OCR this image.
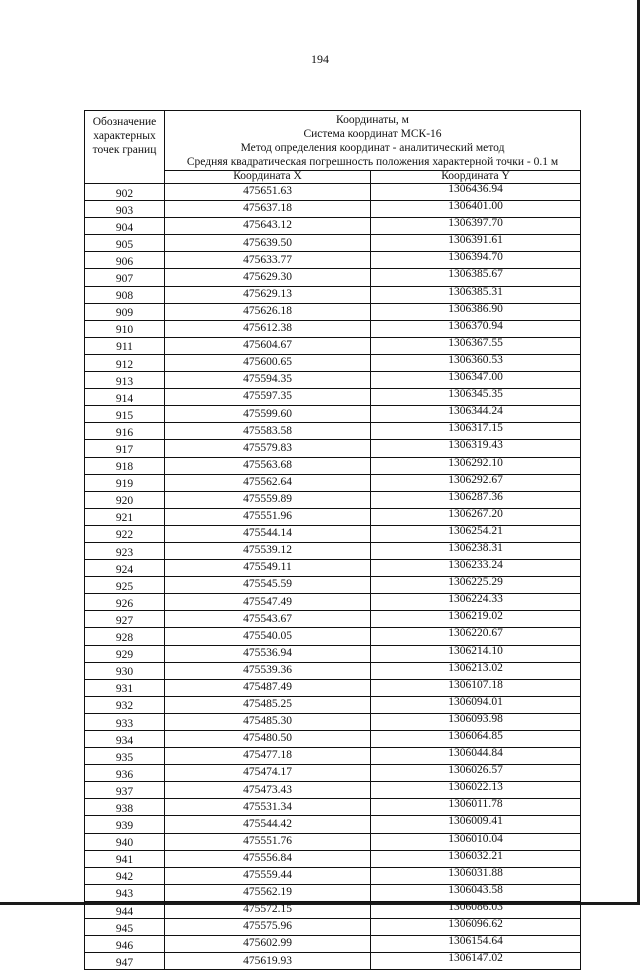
194
Обозначение характерных точек границ	Координаты, м
Система координат МСК-16
Метод определения координат - аналитический метод
Средняя квадратическая погрешность положения характерной точки - 0.1 м	

	Координата X	Координата Y
902	475651.63	1306436.94
903	475637.18	1306401.00
904	475643.12	1306397.70
905	475639.50	1306391.61
906	475633.77	1306394.70
907	475629.30	1306385.67
908	475629.13	1306385.31
909	475626.18	1306386.90
910	475612.38	1306370.94
911	475604.67	1306367.55
912	475600.65	1306360.53
913	475594.35	1306347.00
914	475597.35	1306345.35
915	475599.60	1306344.24
916	475583.58	1306317.15
917	475579.83	1306319.43
918	475563.68	1306292.10
919	475562.64	1306292.67
920	475559.89	1306287.36
921	475551.96	1306267.20
922	475544.14	1306254.21
923	475539.12	1306238.31
924	475549.11	1306233.24
925	475545.59	1306225.29
926	475547.49	1306224.33
927	475543.67	1306219.02
928	475540.05	1306220.67
929	475536.94	1306214.10
930	475539.36	1306213.02
931	475487.49	1306107.18
932	475485.25	1306094.01
933	475485.30	1306093.98
934	475480.50	1306064.85
935	475477.18	1306044.84
936	475474.17	1306026.57
937	475473.43	1306022.13
938	475531.34	1306011.78
939	475544.42	1306009.41
940	475551.76	1306010.04
941	475556.84	1306032.21
942	475559.44	1306031.88
943	475562.19	1306043.58
944	475572.15	1306086.03
945	475575.96	1306096.62
946	475602.99	1306154.64
947	475619.93	1306147.02
